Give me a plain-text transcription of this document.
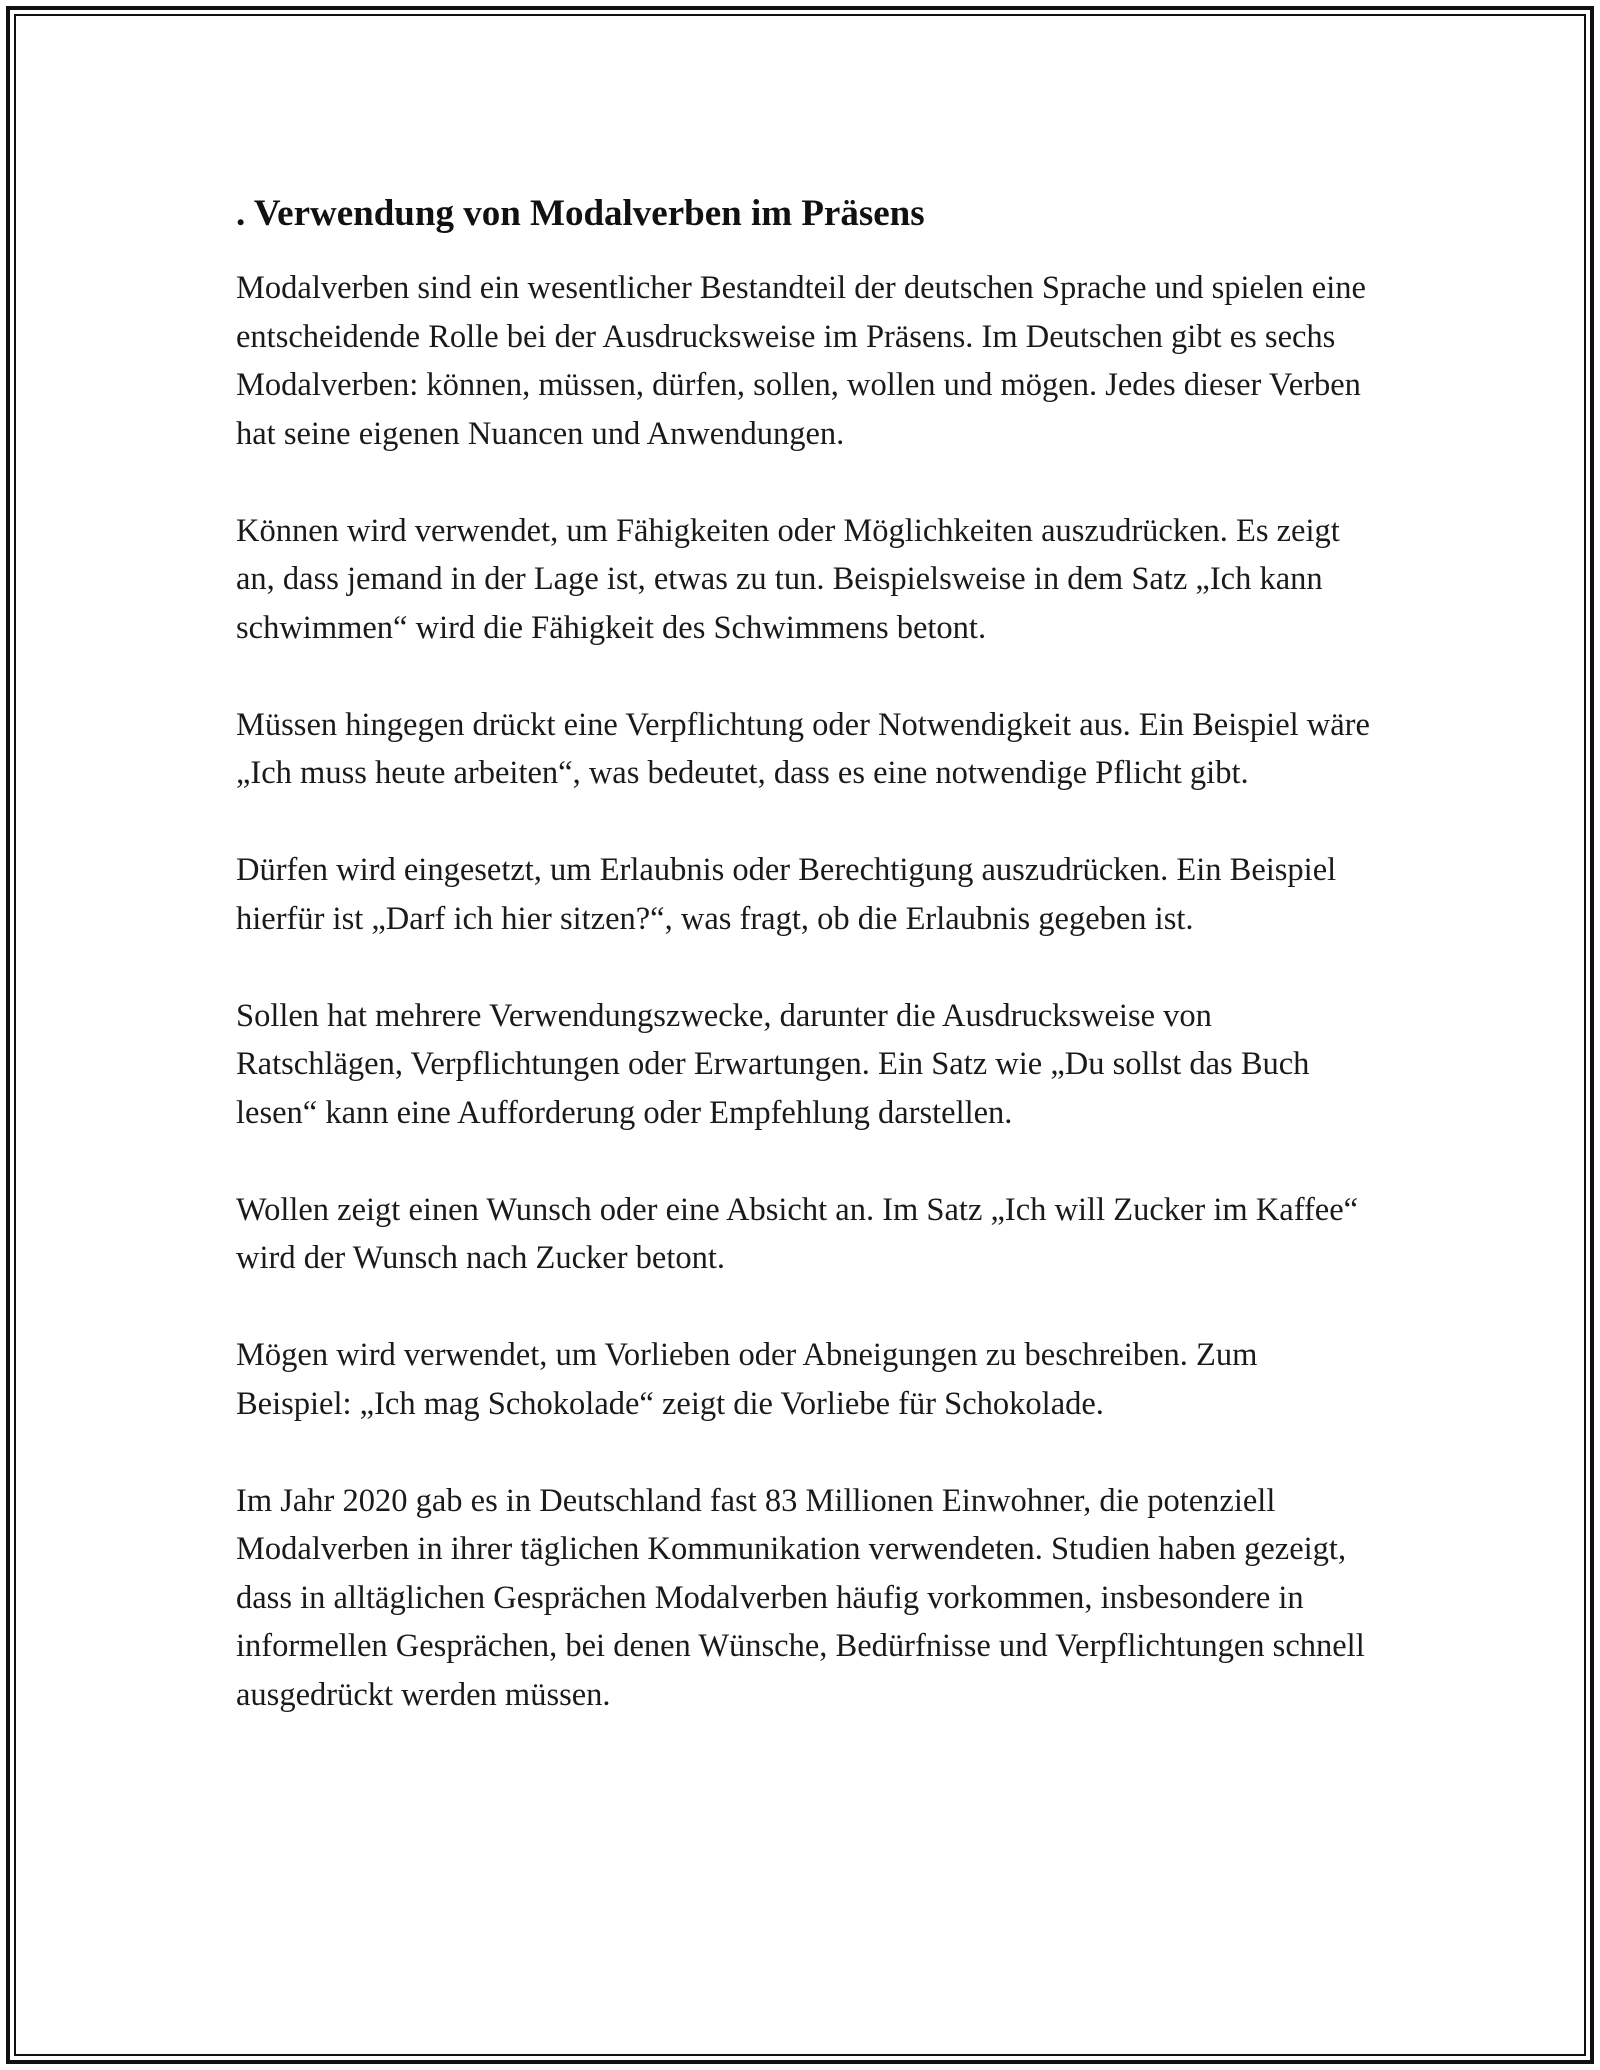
. Verwendung von Modalverben im Präsens

Modalverben sind ein wesentlicher Bestandteil der deutschen Sprache und spielen eine entscheidende Rolle bei der Ausdrucksweise im Präsens. Im Deutschen gibt es sechs Modalverben: können, müssen, dürfen, sollen, wollen und mögen. Jedes dieser Verben hat seine eigenen Nuancen und Anwendungen.

Können wird verwendet, um Fähigkeiten oder Möglichkeiten auszudrücken. Es zeigt an, dass jemand in der Lage ist, etwas zu tun. Beispielsweise in dem Satz „Ich kann schwimmen“ wird die Fähigkeit des Schwimmens betont.

Müssen hingegen drückt eine Verpflichtung oder Notwendigkeit aus. Ein Beispiel wäre „Ich muss heute arbeiten“, was bedeutet, dass es eine notwendige Pflicht gibt.

Dürfen wird eingesetzt, um Erlaubnis oder Berechtigung auszudrücken. Ein Beispiel hierfür ist „Darf ich hier sitzen?“, was fragt, ob die Erlaubnis gegeben ist.

Sollen hat mehrere Verwendungszwecke, darunter die Ausdrucksweise von Ratschlägen, Verpflichtungen oder Erwartungen. Ein Satz wie „Du sollst das Buch lesen“ kann eine Aufforderung oder Empfehlung darstellen.

Wollen zeigt einen Wunsch oder eine Absicht an. Im Satz „Ich will Zucker im Kaffee“ wird der Wunsch nach Zucker betont.

Mögen wird verwendet, um Vorlieben oder Abneigungen zu beschreiben. Zum Beispiel: „Ich mag Schokolade“ zeigt die Vorliebe für Schokolade.

Im Jahr 2020 gab es in Deutschland fast 83 Millionen Einwohner, die potenziell Modalverben in ihrer täglichen Kommunikation verwendeten. Studien haben gezeigt, dass in alltäglichen Gesprächen Modalverben häufig vorkommen, insbesondere in informellen Gesprächen, bei denen Wünsche, Bedürfnisse und Verpflichtungen schnell ausgedrückt werden müssen.
